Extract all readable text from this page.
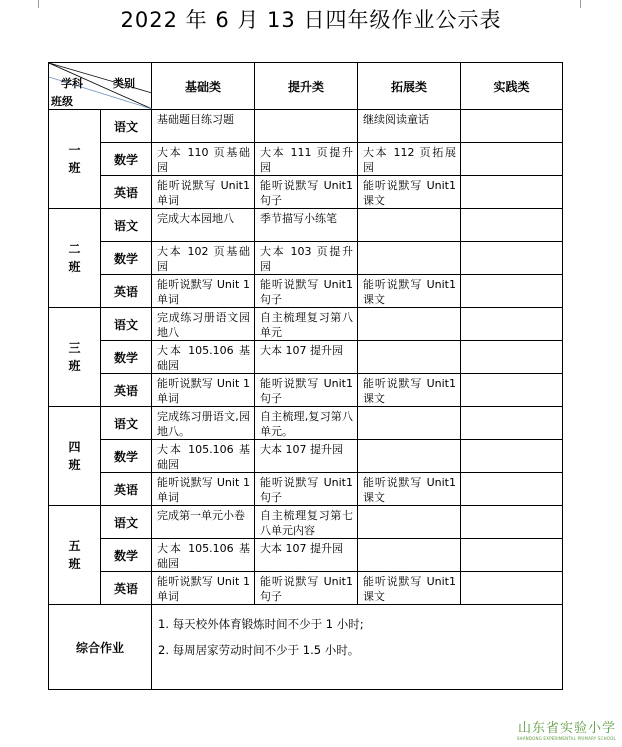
2022 年 6 月 13 日四年级作业公示表
类别
学科
班级		基础类	提升类	拓展类	实践类
一
班	语文	基础题目练习题		继续阅读童话	
	数学	大本 110 页基础园	大本 111 页提升园	大本 112 页拓展园	
	英语	能听说默写 Unit1 单词	能听说默写 Unit1 句子	能听说默写 Unit1 课文	
二
班	语文	完成大本园地八	季节描写小练笔		
	数学	大本 102 页基础园	大本 103 页提升园		
	英语	能听说默写 Unit 1 单词	能听说默写 Unit1 句子	能听说默写 Unit1 课文	
三
班	语文	完成练习册语文园地八	自主梳理复习第八单元		
	数学	大本 105.106 基础园	大本 107 提升园		
	英语	能听说默写 Unit 1 单词	能听说默写 Unit1 句子	能听说默写 Unit1 课文	
四
班	语文	完成练习册语文,园地八。	自主梳理,复习第八单元。		
	数学	大本 105.106 基础园	大本 107 提升园		
	英语	能听说默写 Unit 1 单词	能听说默写 Unit1 句子	能听说默写 Unit1 课文	
五
班	语文	完成第一单元小卷	自主梳理复习第七八单元内容		
	数学	大本 105.106 基础园	大本 107 提升园		
	英语	能听说默写 Unit 1 单词	能听说默写 Unit1 句子	能听说默写 Unit1 课文	
综合作业		1. 每天校外体育锻炼时间不少于 1 小时;
2. 每周居家劳动时间不少于 1.5 小时。			
山东省实验小学
SHANDONG EXPERIMENTAL PRIMARY SCHOOL
